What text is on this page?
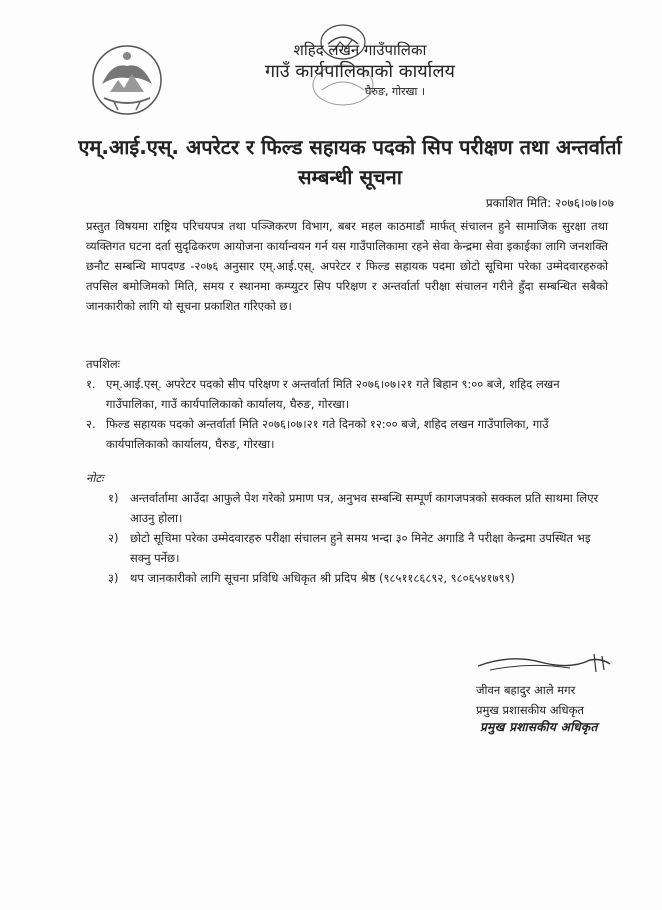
शहिद लखन गाउँपालिका
गाउँ कार्यपालिकाको कार्यालय
घैरुङ, गोरखा ।
एम्.आई.एस्. अपरेटर र फिल्ड सहायक पदको सिप परीक्षण तथा अन्तर्वार्ता सम्बन्धी सूचना
प्रकाशित मिति: २०७६।०७।०७
प्रस्तुत विषयमा राष्ट्रिय परिचयपत्र तथा पञ्जिकरण विभाग, बबर महल काठमाडौं मार्फत् संचालन हुने सामाजिक सुरक्षा तथा व्यक्तिगत घटना दर्ता सुदृढिकरण आयोजना कार्यान्वयन गर्न यस गाउँपालिकामा रहने सेवा केन्द्रमा सेवा इकाईका लागि जनशक्ति छनौट सम्बन्धि मापदण्ड -२०७६ अनुसार एम्.आई.एस्. अपरेटर र फिल्ड सहायक पदमा छोटो सूचिमा परेका उम्मेदवारहरुको तपसिल बमोजिमको मिति, समय र स्थानमा कम्प्युटर सिप परिक्षण र अन्तर्वार्ता परीक्षा संचालन गरीने हुँदा सम्बन्धित सबैको जानकारीको लागि यो सूचना प्रकाशित गरिएको छ।
तपशिलः
१. एम्.आई.एस्. अपरेटर पदको सीप परिक्षण र अन्तर्वार्ता मिति २०७६।०७।२१ गते बिहान ९:०० बजे, शहिद लखन गाउँपालिका, गाउँ कार्यपालिकाको कार्यालय, घैरुङ, गोरखा।
२. फिल्ड सहायक पदको अन्तर्वार्ता मिति २०७६।०७।२१ गते दिनको १२:०० बजे, शहिद लखन गाउँपालिका, गाउँ कार्यपालिकाको कार्यालय, घैरुङ, गोरखा।
नोटः
१)	अन्तर्वार्तामा आउँदा आफुले पेश गरेको प्रमाण पत्र, अनुभव सम्बन्धि सम्पूर्ण कागजपत्रको सक्कल प्रति साथमा लिएर आउनु होला।
२)	छोटो सूचिमा परेका उम्मेदवारहरु परीक्षा संचालन हुने समय भन्दा ३० मिनेट अगाडि नै परीक्षा केन्द्रमा उपस्थित भइ सक्नु पर्नेछ।
३)	थप जानकारीको लागि सूचना प्रविधि अधिकृत श्री प्रदिप श्रेष्ठ (९८५११८६८९२, ९८०६५४१७९९)
जीवन बहादुर आले मगर
प्रमुख प्रशासकीय अधिकृत
प्रमुख प्रशासकीय अधिकृत
